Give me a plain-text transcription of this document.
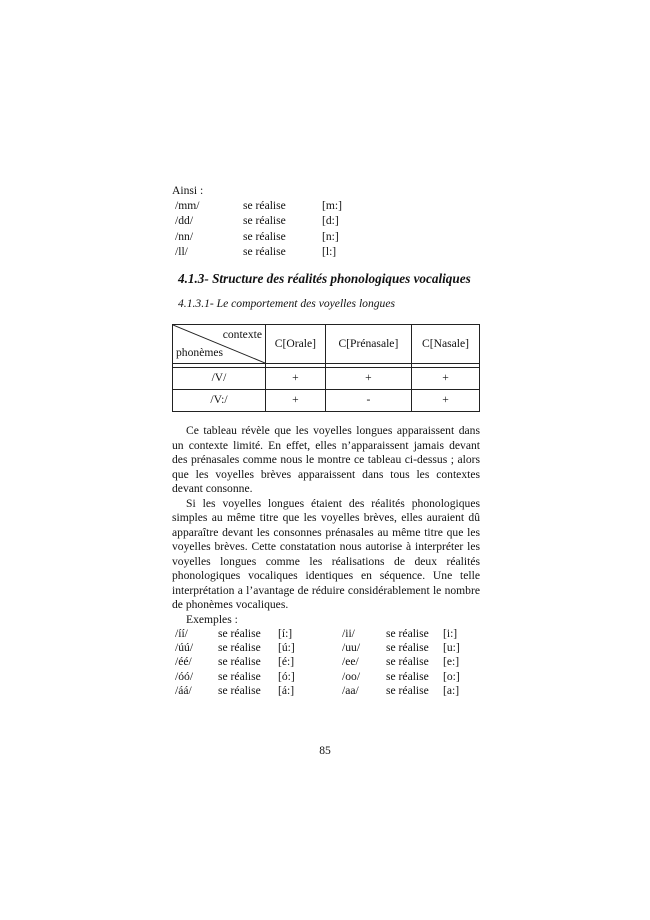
Ainsi :

/mm/	se réalise	[m:]
/dd/	se réalise	[d:]
/nn/	se réalise	[n:]
/ll/	se réalise	[l:]
4.1.3- Structure des réalités phonologiques vocaliques
4.1.3.1- Le comportement des voyelles longues
contexte
phonèmes	C[Orale]	C[Prénasale]	C[Nasale]

/V/	+	+	+
/V:/	+	-	+

Ce tableau révèle que les voyelles longues apparaissent dans un contexte limité. En effet, elles n’apparaissent jamais devant des prénasales comme nous le montre ce tableau ci-dessus ; alors que les voyelles brèves apparaissent dans tous les contextes devant consonne.

Si les voyelles longues étaient des réalités phonologiques simples au même titre que les voyelles brèves, elles auraient dû apparaître devant les consonnes prénasales au même titre que les voyelles brèves. Cette constatation nous autorise à interpréter les voyelles longues comme les réalisations de deux réalités phonologiques vocaliques identiques en séquence. Une telle interprétation a l’avantage de réduire considérablement le nombre de phonèmes vocaliques.

Exemples :

/íí/	se réalise [í:]	/ii/	se réalise [i:]
/úú/ se réalise [ú:]	/uu/ se réalise [u:]
/éé/ se réalise [é:]	/ee/ se réalise [e:]
/óó/ se réalise [ó:]	/oo/ se réalise [o:]
/áá/ se réalise [á:]	/aa/ se réalise [a:]
85
